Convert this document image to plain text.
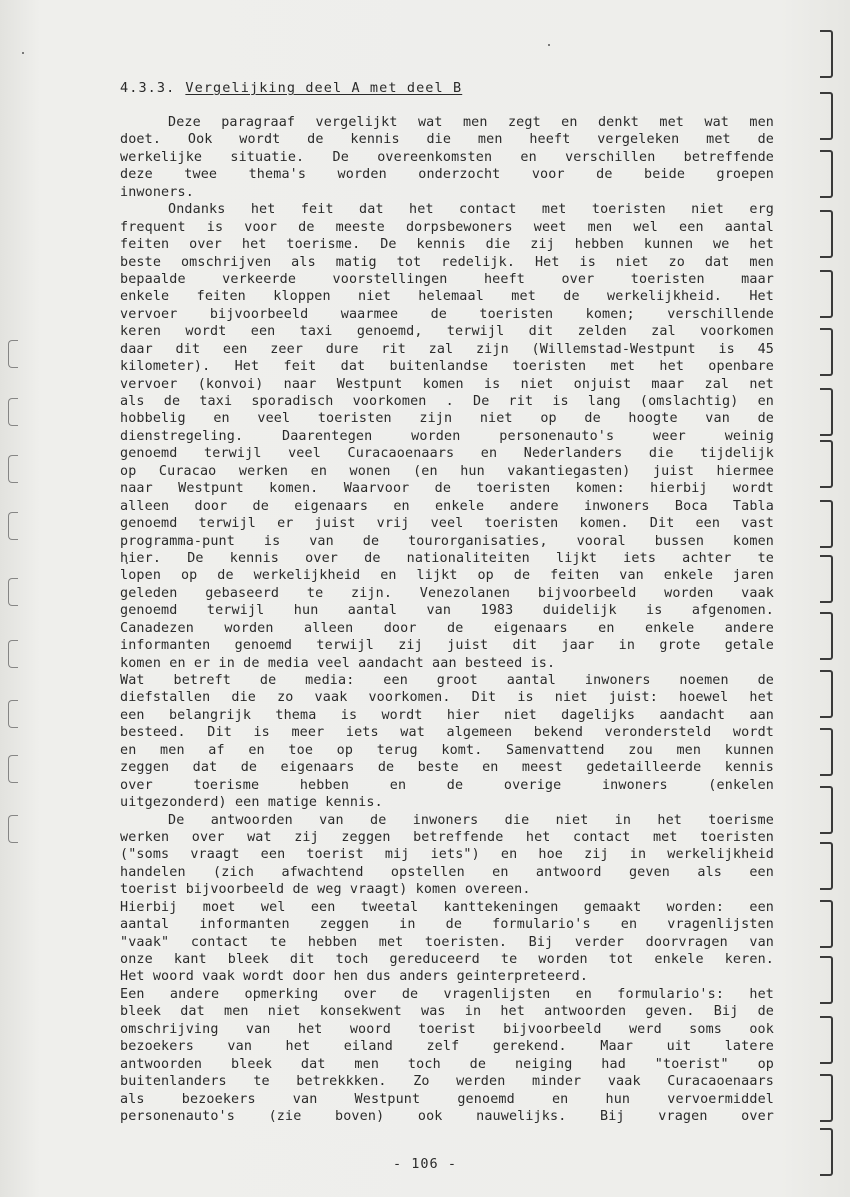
4.3.3. Vergelijking deel A met deel B
Deze paragraaf vergelijkt wat men zegt en denkt met wat men
doet. Ook wordt de kennis die men heeft vergeleken met de
werkelijke situatie. De overeenkomsten en verschillen betreffende
deze twee thema's worden onderzocht voor de beide groepen
inwoners.
Ondanks het feit dat het contact met toeristen niet erg
frequent is voor de meeste dorpsbewoners weet men wel een aantal
feiten over het toerisme. De kennis die zij hebben kunnen we het
beste omschrijven als matig tot redelijk. Het is niet zo dat men
bepaalde verkeerde voorstellingen heeft over toeristen maar
enkele feiten kloppen niet helemaal met de werkelijkheid. Het
vervoer bijvoorbeeld waarmee de toeristen komen; verschillende
keren wordt een taxi genoemd, terwijl dit zelden zal voorkomen
daar dit een zeer dure rit zal zijn (Willemstad-Westpunt is 45
kilometer). Het feit dat buitenlandse toeristen met het openbare
vervoer (konvoi) naar Westpunt komen is niet onjuist maar zal net
als de taxi sporadisch voorkomen . De rit is lang (omslachtig) en
hobbelig en veel toeristen zijn niet op de hoogte van de
dienstregeling. Daarentegen worden personenauto's weer weinig
genoemd terwijl veel Curacaoenaars en Nederlanders die tijdelijk
op Curacao werken en wonen (en hun vakantiegasten) juist hiermee
naar Westpunt komen. Waarvoor de toeristen komen: hierbij wordt
alleen door de eigenaars en enkele andere inwoners Boca Tabla
genoemd terwijl er juist vrij veel toeristen komen. Dit een vast
programma-punt is van de tourorganisaties, vooral bussen komen
hier. De kennis over de nationaliteiten lijkt iets achter te
lopen op de werkelijkheid en lijkt op de feiten van enkele jaren
geleden gebaseerd te zijn. Venezolanen bijvoorbeeld worden vaak
genoemd terwijl hun aantal van 1983 duidelijk is afgenomen.
Canadezen worden alleen door de eigenaars en enkele andere
informanten genoemd terwijl zij juist dit jaar in grote getale
komen en er in de media veel aandacht aan besteed is.
Wat betreft de media: een groot aantal inwoners noemen de
diefstallen die zo vaak voorkomen. Dit is niet juist: hoewel het
een belangrijk thema is wordt hier niet dagelijks aandacht aan
besteed. Dit is meer iets wat algemeen bekend verondersteld wordt
en men af en toe op terug komt. Samenvattend zou men kunnen
zeggen dat de eigenaars de beste en meest gedetailleerde kennis
over toerisme hebben en de overige inwoners (enkelen
uitgezonderd) een matige kennis.
De antwoorden van de inwoners die niet in het toerisme
werken over wat zij zeggen betreffende het contact met toeristen
("soms vraagt een toerist mij iets") en hoe zij in werkelijkheid
handelen (zich afwachtend opstellen en antwoord geven als een
toerist bijvoorbeeld de weg vraagt) komen overeen.
Hierbij moet wel een tweetal kanttekeningen gemaakt worden: een
aantal informanten zeggen in de formulario's en vragenlijsten
"vaak" contact te hebben met toeristen. Bij verder doorvragen van
onze kant bleek dit toch gereduceerd te worden tot enkele keren.
Het woord vaak wordt door hen dus anders geinterpreteerd.
Een andere opmerking over de vragenlijsten en formulario's: het
bleek dat men niet konsekwent was in het antwoorden geven. Bij de
omschrijving van het woord toerist bijvoorbeeld werd soms ook
bezoekers van het eiland zelf gerekend. Maar uit latere
antwoorden bleek dat men toch de neiging had "toerist" op
buitenlanders te betrekkken. Zo werden minder vaak Curacaoenaars
als bezoekers van Westpunt genoemd en hun vervoermiddel
personenauto's (zie boven) ook nauwelijks. Bij vragen over
- 106 -
